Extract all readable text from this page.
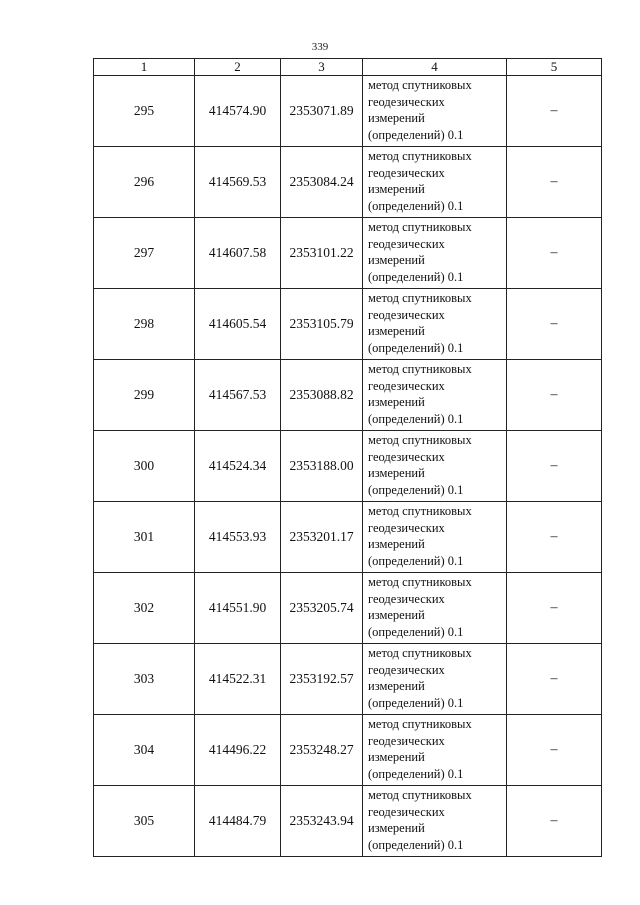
339
1	2	3	4	5
295	414574.90	2353071.89	метод спутниковых
геодезических
измерений
(определений) 0.1	–
296	414569.53	2353084.24	метод спутниковых
геодезических
измерений
(определений) 0.1	–
297	414607.58	2353101.22	метод спутниковых
геодезических
измерений
(определений) 0.1	–
298	414605.54	2353105.79	метод спутниковых
геодезических
измерений
(определений) 0.1	–
299	414567.53	2353088.82	метод спутниковых
геодезических
измерений
(определений) 0.1	–
300	414524.34	2353188.00	метод спутниковых
геодезических
измерений
(определений) 0.1	–
301	414553.93	2353201.17	метод спутниковых
геодезических
измерений
(определений) 0.1	–
302	414551.90	2353205.74	метод спутниковых
геодезических
измерений
(определений) 0.1	–
303	414522.31	2353192.57	метод спутниковых
геодезических
измерений
(определений) 0.1	–
304	414496.22	2353248.27	метод спутниковых
геодезических
измерений
(определений) 0.1	–
305	414484.79	2353243.94	метод спутниковых
геодезических
измерений
(определений) 0.1	–
